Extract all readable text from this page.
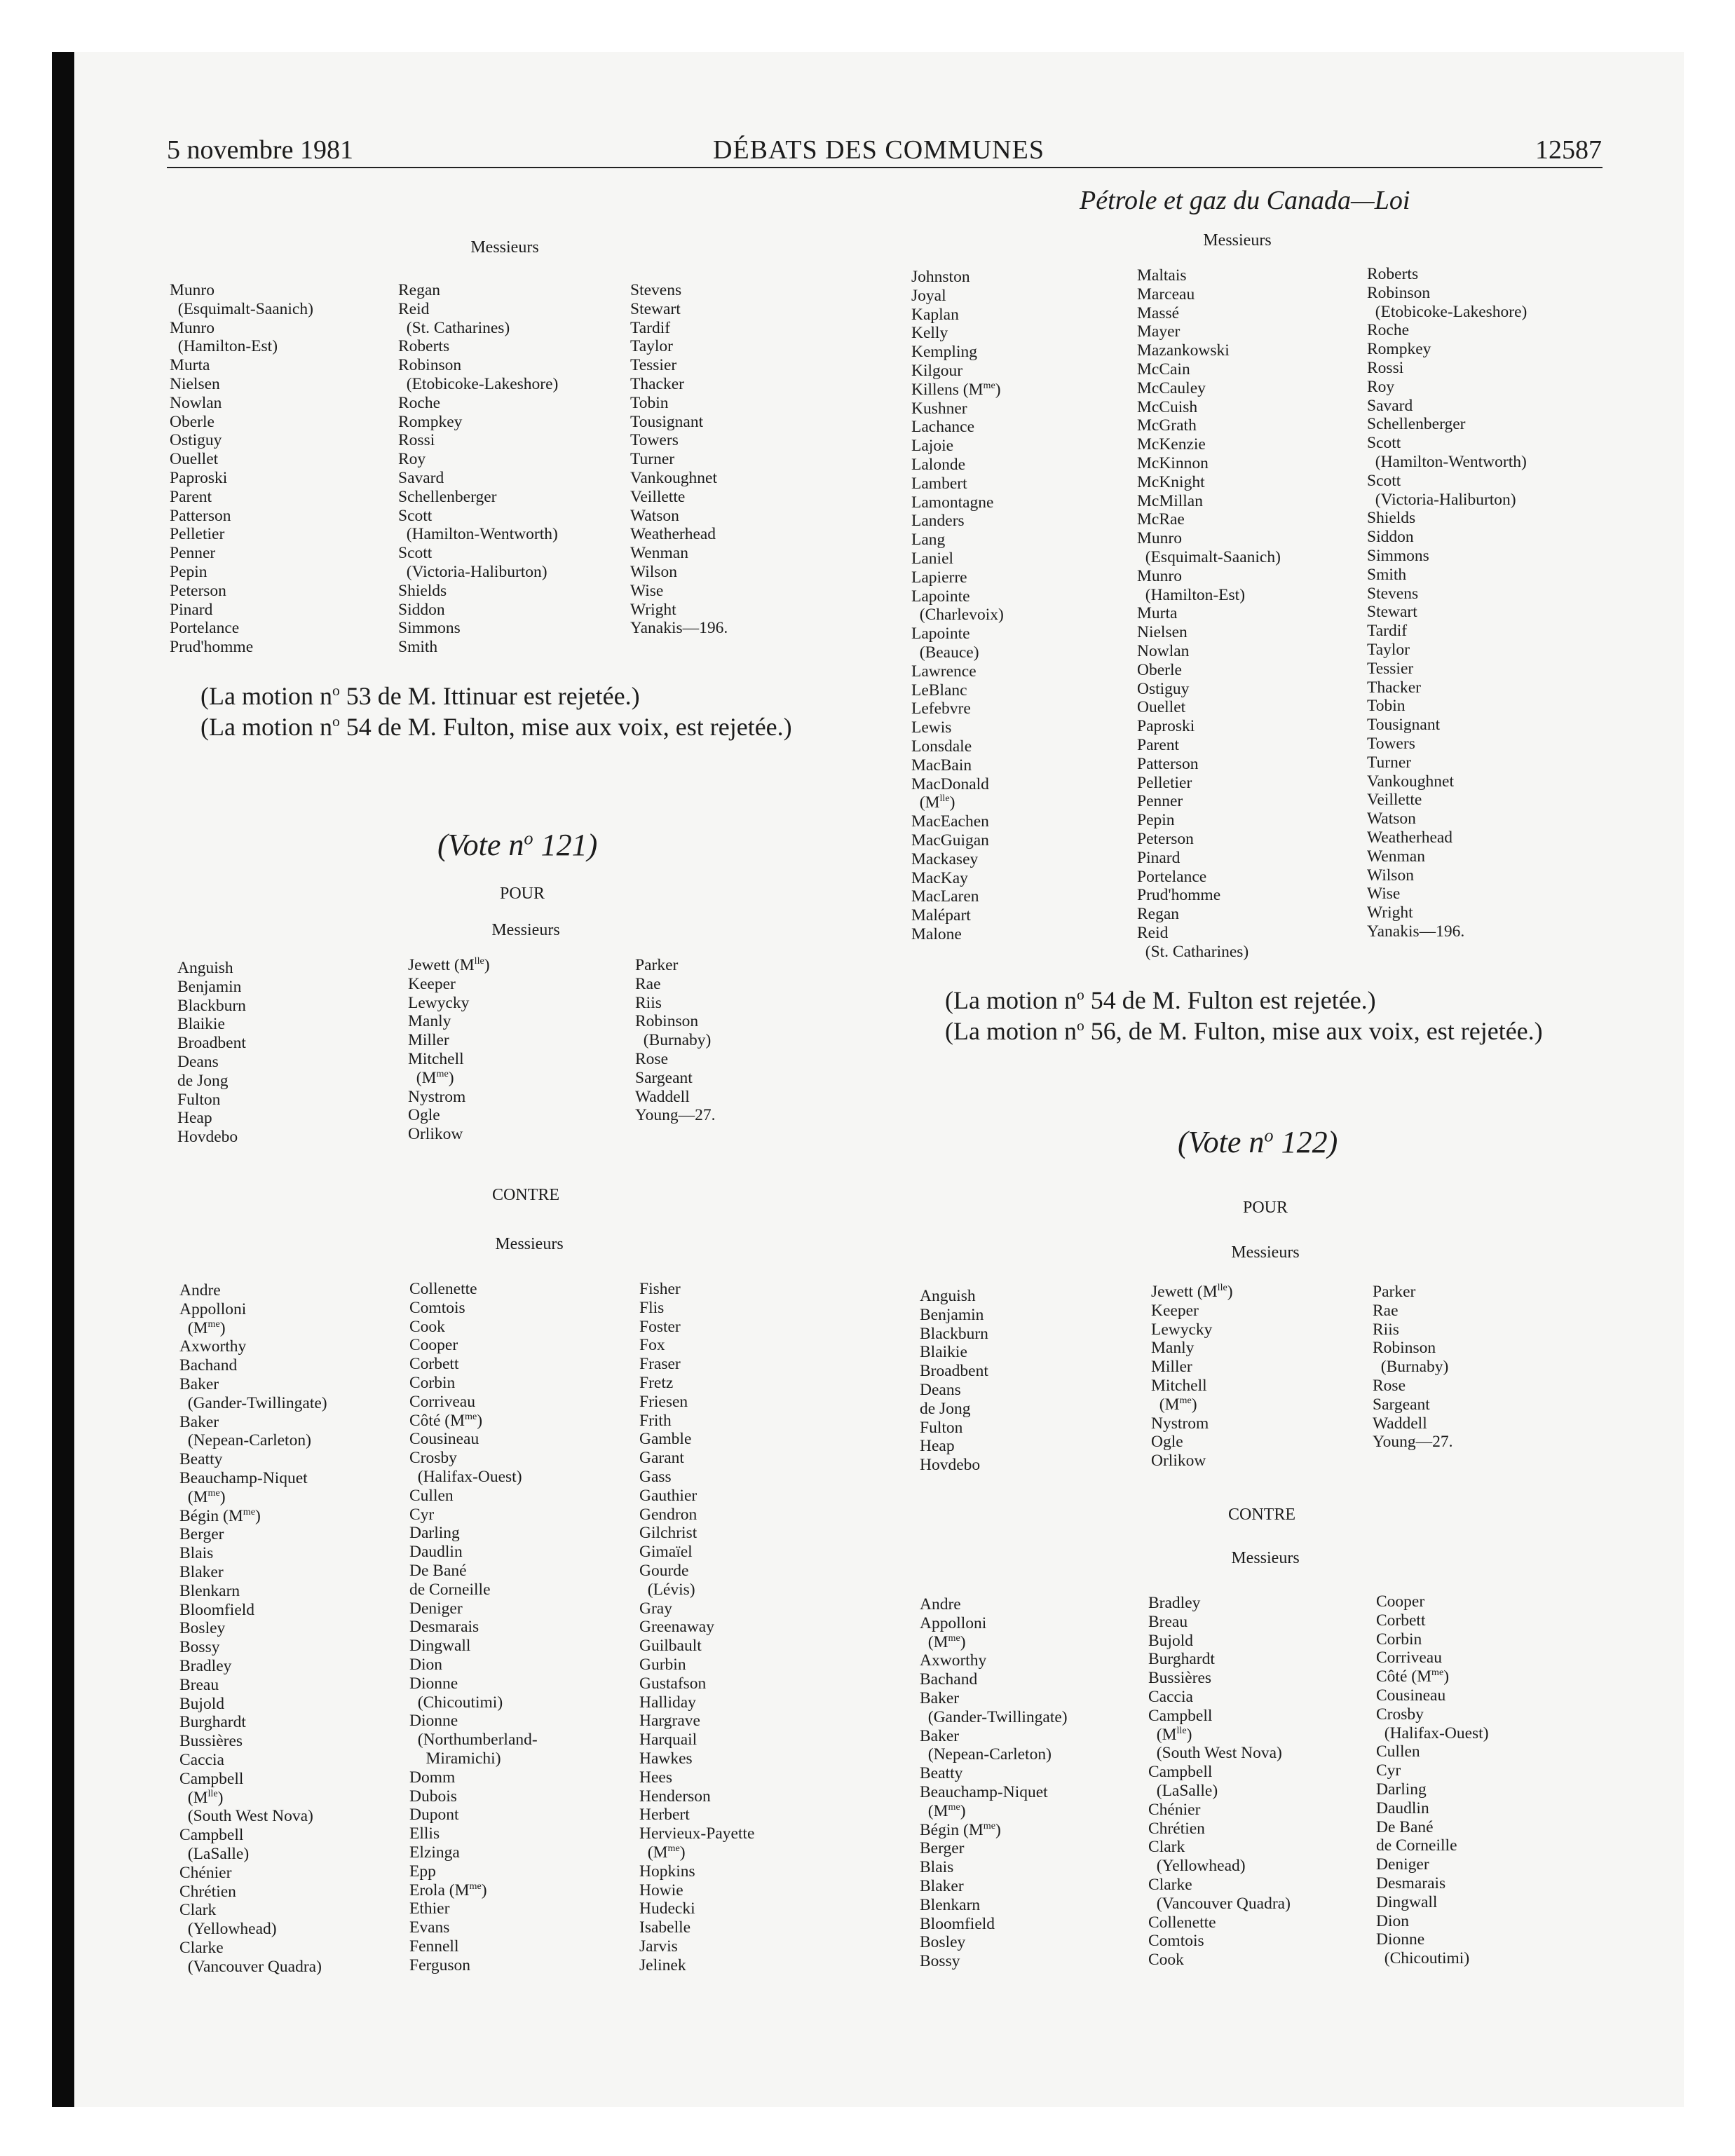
5 novembre 1981	DÉBATS DES COMMUNES	12587
Pétrole et gaz du Canada—Loi
Messieurs
Munro
(Esquimalt-Saanich)
Munro
(Hamilton-Est)
Murta
Nielsen
Nowlan
Oberle
Ostiguy
Ouellet
Paproski
Parent
Patterson
Pelletier
Penner
Pepin
Peterson
Pinard
Portelance
Prud'homme
Regan
Reid
(St. Catharines)
Roberts
Robinson
(Etobicoke-Lakeshore)
Roche
Rompkey
Rossi
Roy
Savard
Schellenberger
Scott
(Hamilton-Wentworth)
Scott
(Victoria-Haliburton)
Shields
Siddon
Simmons
Smith
Stevens
Stewart
Tardif
Taylor
Tessier
Thacker
Tobin
Tousignant
Towers
Turner
Vankoughnet
Veillette
Watson
Weatherhead
Wenman
Wilson
Wise
Wright
Yanakis—196.
(La motion $n^o$ 53 de M. Ittinuar est rejetée.)
(La motion $n^o$ 54 de M. Fulton, mise aux voix, est rejetée.)
(Vote $n^o$ 121)
POUR
Messieurs
Anguish
Benjamin
Blackburn
Blaikie
Broadbent
Deans
de Jong
Fulton
Heap
Hovdebo
Jewett $(M^{lle})$
Keeper
Lewycky
Manly
Miller
Mitchell
$(M^{me})$
Nystrom
Ogle
Orlikow
Parker
Rae
Riis
Robinson
(Burnaby)
Rose
Sargeant
Waddell
Young—27.
CONTRE
Messieurs
Andre
Appolloni
$(M^{me})$
Axworthy
Bachand
Baker
(Gander-Twillingate)
Baker
(Nepean-Carleton)
Beatty
Beauchamp-Niquet
$(M^{me})$
Bégin $(M^{me})$
Berger
Blais
Blaker
Blenkarn
Bloomfield
Bosley
Bossy
Bradley
Breau
Bujold
Burghardt
Bussières
Caccia
Campbell
$(M^{lle})$
(South West Nova)
Campbell
(LaSalle)
Chénier
Chrétien
Clark
(Yellowhead)
Clarke
(Vancouver Quadra)
Collenette
Comtois
Cook
Cooper
Corbett
Corbin
Corriveau
Côté $(M^{me})$
Cousineau
Crosby
(Halifax-Ouest)
Cullen
Cyr
Darling
Daudlin
De Bané
de Corneille
Deniger
Desmarais
Dingwall
Dion
Dionne
(Chicoutimi)
Dionne
(Northumberland-
Miramichi)
Domm
Dubois
Dupont
Ellis
Elzinga
Epp
Erola $(M^{me})$
Ethier
Evans
Fennell
Ferguson
Fisher
Flis
Foster
Fox
Fraser
Fretz
Friesen
Frith
Gamble
Garant
Gass
Gauthier
Gendron
Gilchrist
Gimaïel
Gourde
(Lévis)
Gray
Greenaway
Guilbault
Gurbin
Gustafson
Halliday
Hargrave
Harquail
Hawkes
Hees
Henderson
Herbert
Hervieux-Payette
$(M^{me})$
Hopkins
Howie
Hudecki
Isabelle
Jarvis
Jelinek
Messieurs
Johnston
Joyal
Kaplan
Kelly
Kempling
Kilgour
Killens $(M^{me})$
Kushner
Lachance
Lajoie
Lalonde
Lambert
Lamontagne
Landers
Lang
Laniel
Lapierre
Lapointe
(Charlevoix)
Lapointe
(Beauce)
Lawrence
LeBlanc
Lefebvre
Lewis
Lonsdale
MacBain
MacDonald
$(M^{lle})$
MacEachen
MacGuigan
Mackasey
MacKay
MacLaren
Malépart
Malone
Maltais
Marceau
Massé
Mayer
Mazankowski
McCain
McCauley
McCuish
McGrath
McKenzie
McKinnon
McKnight
McMillan
McRae
Munro
(Esquimalt-Saanich)
Munro
(Hamilton-Est)
Murta
Nielsen
Nowlan
Oberle
Ostiguy
Ouellet
Paproski
Parent
Patterson
Pelletier
Penner
Pepin
Peterson
Pinard
Portelance
Prud'homme
Regan
Reid
(St. Catharines)
Roberts
Robinson
(Etobicoke-Lakeshore)
Roche
Rompkey
Rossi
Roy
Savard
Schellenberger
Scott
(Hamilton-Wentworth)
Scott
(Victoria-Haliburton)
Shields
Siddon
Simmons
Smith
Stevens
Stewart
Tardif
Taylor
Tessier
Thacker
Tobin
Tousignant
Towers
Turner
Vankoughnet
Veillette
Watson
Weatherhead
Wenman
Wilson
Wise
Wright
Yanakis—196.
(La motion $n^o$ 54 de M. Fulton est rejetée.)
(La motion $n^o$ 56, de M. Fulton, mise aux voix, est rejetée.)
(Vote $n^o$ 122)
POUR
Messieurs
Anguish
Benjamin
Blackburn
Blaikie
Broadbent
Deans
de Jong
Fulton
Heap
Hovdebo
Jewett $(M^{lle})$
Keeper
Lewycky
Manly
Miller
Mitchell
$(M^{me})$
Nystrom
Ogle
Orlikow
Parker
Rae
Riis
Robinson
(Burnaby)
Rose
Sargeant
Waddell
Young—27.
CONTRE
Messieurs
Andre
Appolloni
$(M^{me})$
Axworthy
Bachand
Baker
(Gander-Twillingate)
Baker
(Nepean-Carleton)
Beatty
Beauchamp-Niquet
$(M^{me})$
Bégin $(M^{me})$
Berger
Blais
Blaker
Blenkarn
Bloomfield
Bosley
Bossy
Bradley
Breau
Bujold
Burghardt
Bussières
Caccia
Campbell
$(M^{lle})$
(South West Nova)
Campbell
(LaSalle)
Chénier
Chrétien
Clark
(Yellowhead)
Clarke
(Vancouver Quadra)
Collenette
Comtois
Cook
Cooper
Corbett
Corbin
Corriveau
Côté $(M^{me})$
Cousineau
Crosby
(Halifax-Ouest)
Cullen
Cyr
Darling
Daudlin
De Bané
de Corneille
Deniger
Desmarais
Dingwall
Dion
Dionne
(Chicoutimi)
